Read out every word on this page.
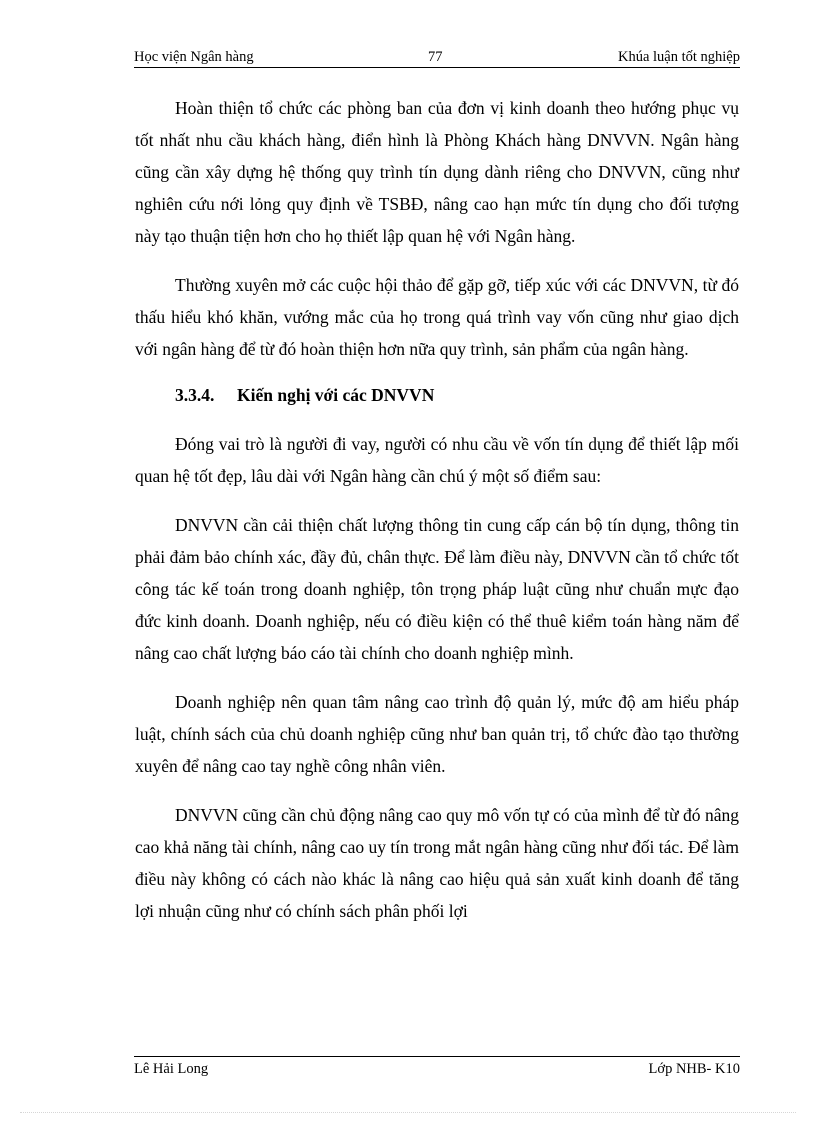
Học viện Ngân hàng	77	Khúa luận tốt nghiệp

Hoàn thiện tổ chức các phòng ban của đơn vị kinh doanh theo hướng phục vụ tốt nhất nhu cầu khách hàng, điển hình là Phòng Khách hàng DNVVN. Ngân hàng cũng cần xây dựng hệ thống quy trình tín dụng dành riêng cho DNVVN, cũng như nghiên cứu nới lỏng quy định về TSBĐ, nâng cao hạn mức tín dụng cho đối tượng này tạo thuận tiện hơn cho họ thiết lập quan hệ với Ngân hàng.

Thường xuyên mở các cuộc hội thảo để gặp gỡ, tiếp xúc với các DNVVN, từ đó thấu hiểu khó khăn, vướng mắc của họ trong quá trình vay vốn cũng như giao dịch với ngân hàng để từ đó hoàn thiện hơn nữa quy trình, sản phẩm của ngân hàng.

3.3.4. Kiến nghị với các DNVVN

Đóng vai trò là người đi vay, người có nhu cầu về vốn tín dụng để thiết lập mối quan hệ tốt đẹp, lâu dài với Ngân hàng cần chú ý một số điểm sau:

DNVVN cần cải thiện chất lượng thông tin cung cấp cán bộ tín dụng, thông tin phải đảm bảo chính xác, đầy đủ, chân thực. Để làm điều này, DNVVN cần tổ chức tốt công tác kế toán trong doanh nghiệp, tôn trọng pháp luật cũng như chuẩn mực đạo đức kinh doanh. Doanh nghiệp, nếu có điều kiện có thể thuê kiểm toán hàng năm để nâng cao chất lượng báo cáo tài chính cho doanh nghiệp mình.

Doanh nghiệp nên quan tâm nâng cao trình độ quản lý, mức độ am hiểu pháp luật, chính sách của chủ doanh nghiệp cũng như ban quản trị, tổ chức đào tạo thường xuyên để nâng cao tay nghề công nhân viên.

DNVVN cũng cần chủ động nâng cao quy mô vốn tự có của mình để từ đó nâng cao khả năng tài chính, nâng cao uy tín trong mắt ngân hàng cũng như đối tác. Để làm điều này không có cách nào khác là nâng cao hiệu quả sản xuất kinh doanh để tăng lợi nhuận cũng như có chính sách phân phối lợi

Lê Hải Long	Lớp NHB- K10
